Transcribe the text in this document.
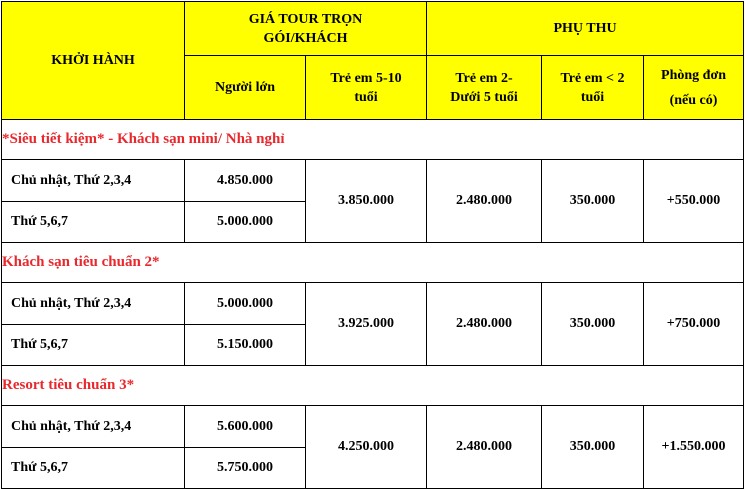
KHỞI HÀNH	GIÁ TOUR TRỌN GÓI/KHÁCH		PHỤ THU		
	Người lớn	Trẻ em 5-10 tuổi	Trẻ em 2- Dưới 5 tuổi	Trẻ em < 2 tuổi	Phòng đơn
(nếu có)

*Siêu tiết kiệm* - Khách sạn mini/ Nhà nghỉ					
Chủ nhật, Thứ 2,3,4	4.850.000	3.850.000	2.480.000	350.000	+550.000
Thứ 5,6,7	5.000.000				
Khách sạn tiêu chuẩn 2*					
Chủ nhật, Thứ 2,3,4	5.000.000	3.925.000	2.480.000	350.000	+750.000
Thứ 5,6,7	5.150.000				
Resort tiêu chuẩn 3*					
Chủ nhật, Thứ 2,3,4	5.600.000	4.250.000	2.480.000	350.000	+1.550.000
Thứ 5,6,7	5.750.000				
